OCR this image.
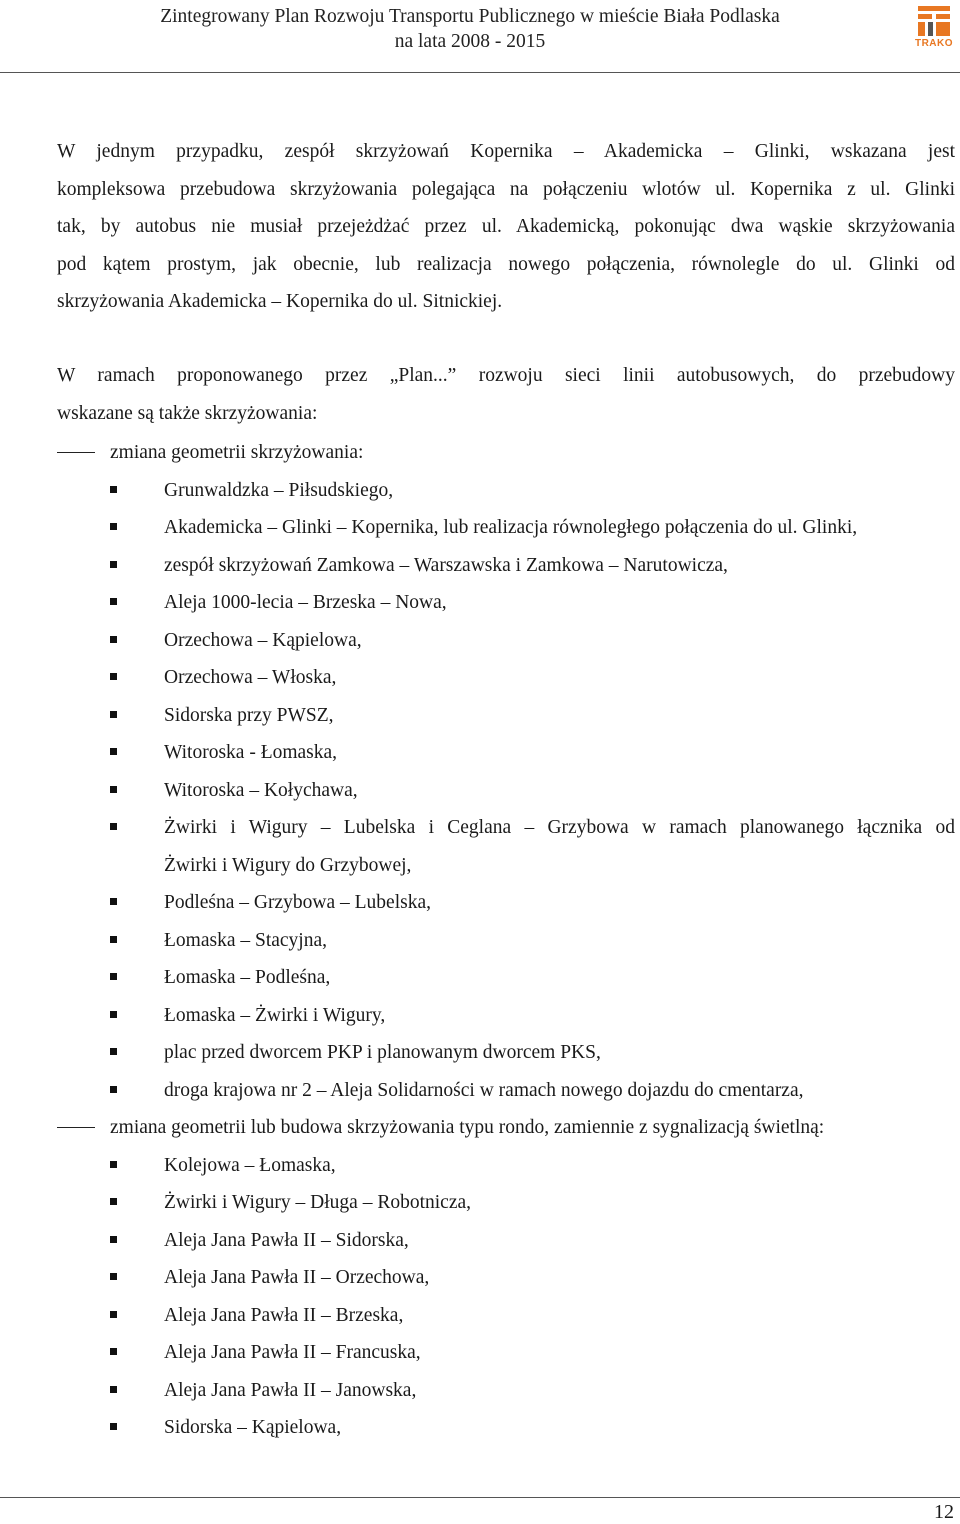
Zintegrowany Plan Rozwoju Transportu Publicznego w mieście Biała Podlaska
na lata 2008 - 2015	TRAKO
W jednym przypadku, zespół skrzyżowań Kopernika – Akademicka – Glinki, wskazana jest
kompleksowa przebudowa skrzyżowania polegająca na połączeniu wlotów ul. Kopernika z ul. Glinki
tak, by autobus nie musiał przejeżdżać przez ul. Akademicką, pokonując dwa wąskie skrzyżowania
pod kątem prostym, jak obecnie, lub realizacja nowego połączenia, równolegle do ul. Glinki od
skrzyżowania Akademicka – Kopernika do ul. Sitnickiej.
W ramach proponowanego przez „Plan...” rozwoju sieci linii autobusowych, do przebudowy
wskazane są także skrzyżowania:
zmiana geometrii skrzyżowania:
Grunwaldzka – Piłsudskiego,
Akademicka – Glinki – Kopernika, lub realizacja równoległego połączenia do ul. Glinki,
zespół skrzyżowań Zamkowa – Warszawska i Zamkowa – Narutowicza,
Aleja 1000-lecia – Brzeska – Nowa,
Orzechowa – Kąpielowa,
Orzechowa – Włoska,
Sidorska przy PWSZ,
Witoroska - Łomaska,
Witoroska – Kołychawa,
Żwirki i Wigury – Lubelska i Ceglana – Grzybowa w ramach planowanego łącznika od
Żwirki i Wigury do Grzybowej,
Podleśna – Grzybowa – Lubelska,
Łomaska – Stacyjna,
Łomaska – Podleśna,
Łomaska – Żwirki i Wigury,
plac przed dworcem PKP i planowanym dworcem PKS,
droga krajowa nr 2 – Aleja Solidarności w ramach nowego dojazdu do cmentarza,
zmiana geometrii lub budowa skrzyżowania typu rondo, zamiennie z sygnalizacją świetlną:
Kolejowa – Łomaska,
Żwirki i Wigury – Długa – Robotnicza,
Aleja Jana Pawła II – Sidorska,
Aleja Jana Pawła II – Orzechowa,
Aleja Jana Pawła II – Brzeska,
Aleja Jana Pawła II – Francuska,
Aleja Jana Pawła II – Janowska,
Sidorska – Kąpielowa,
12
